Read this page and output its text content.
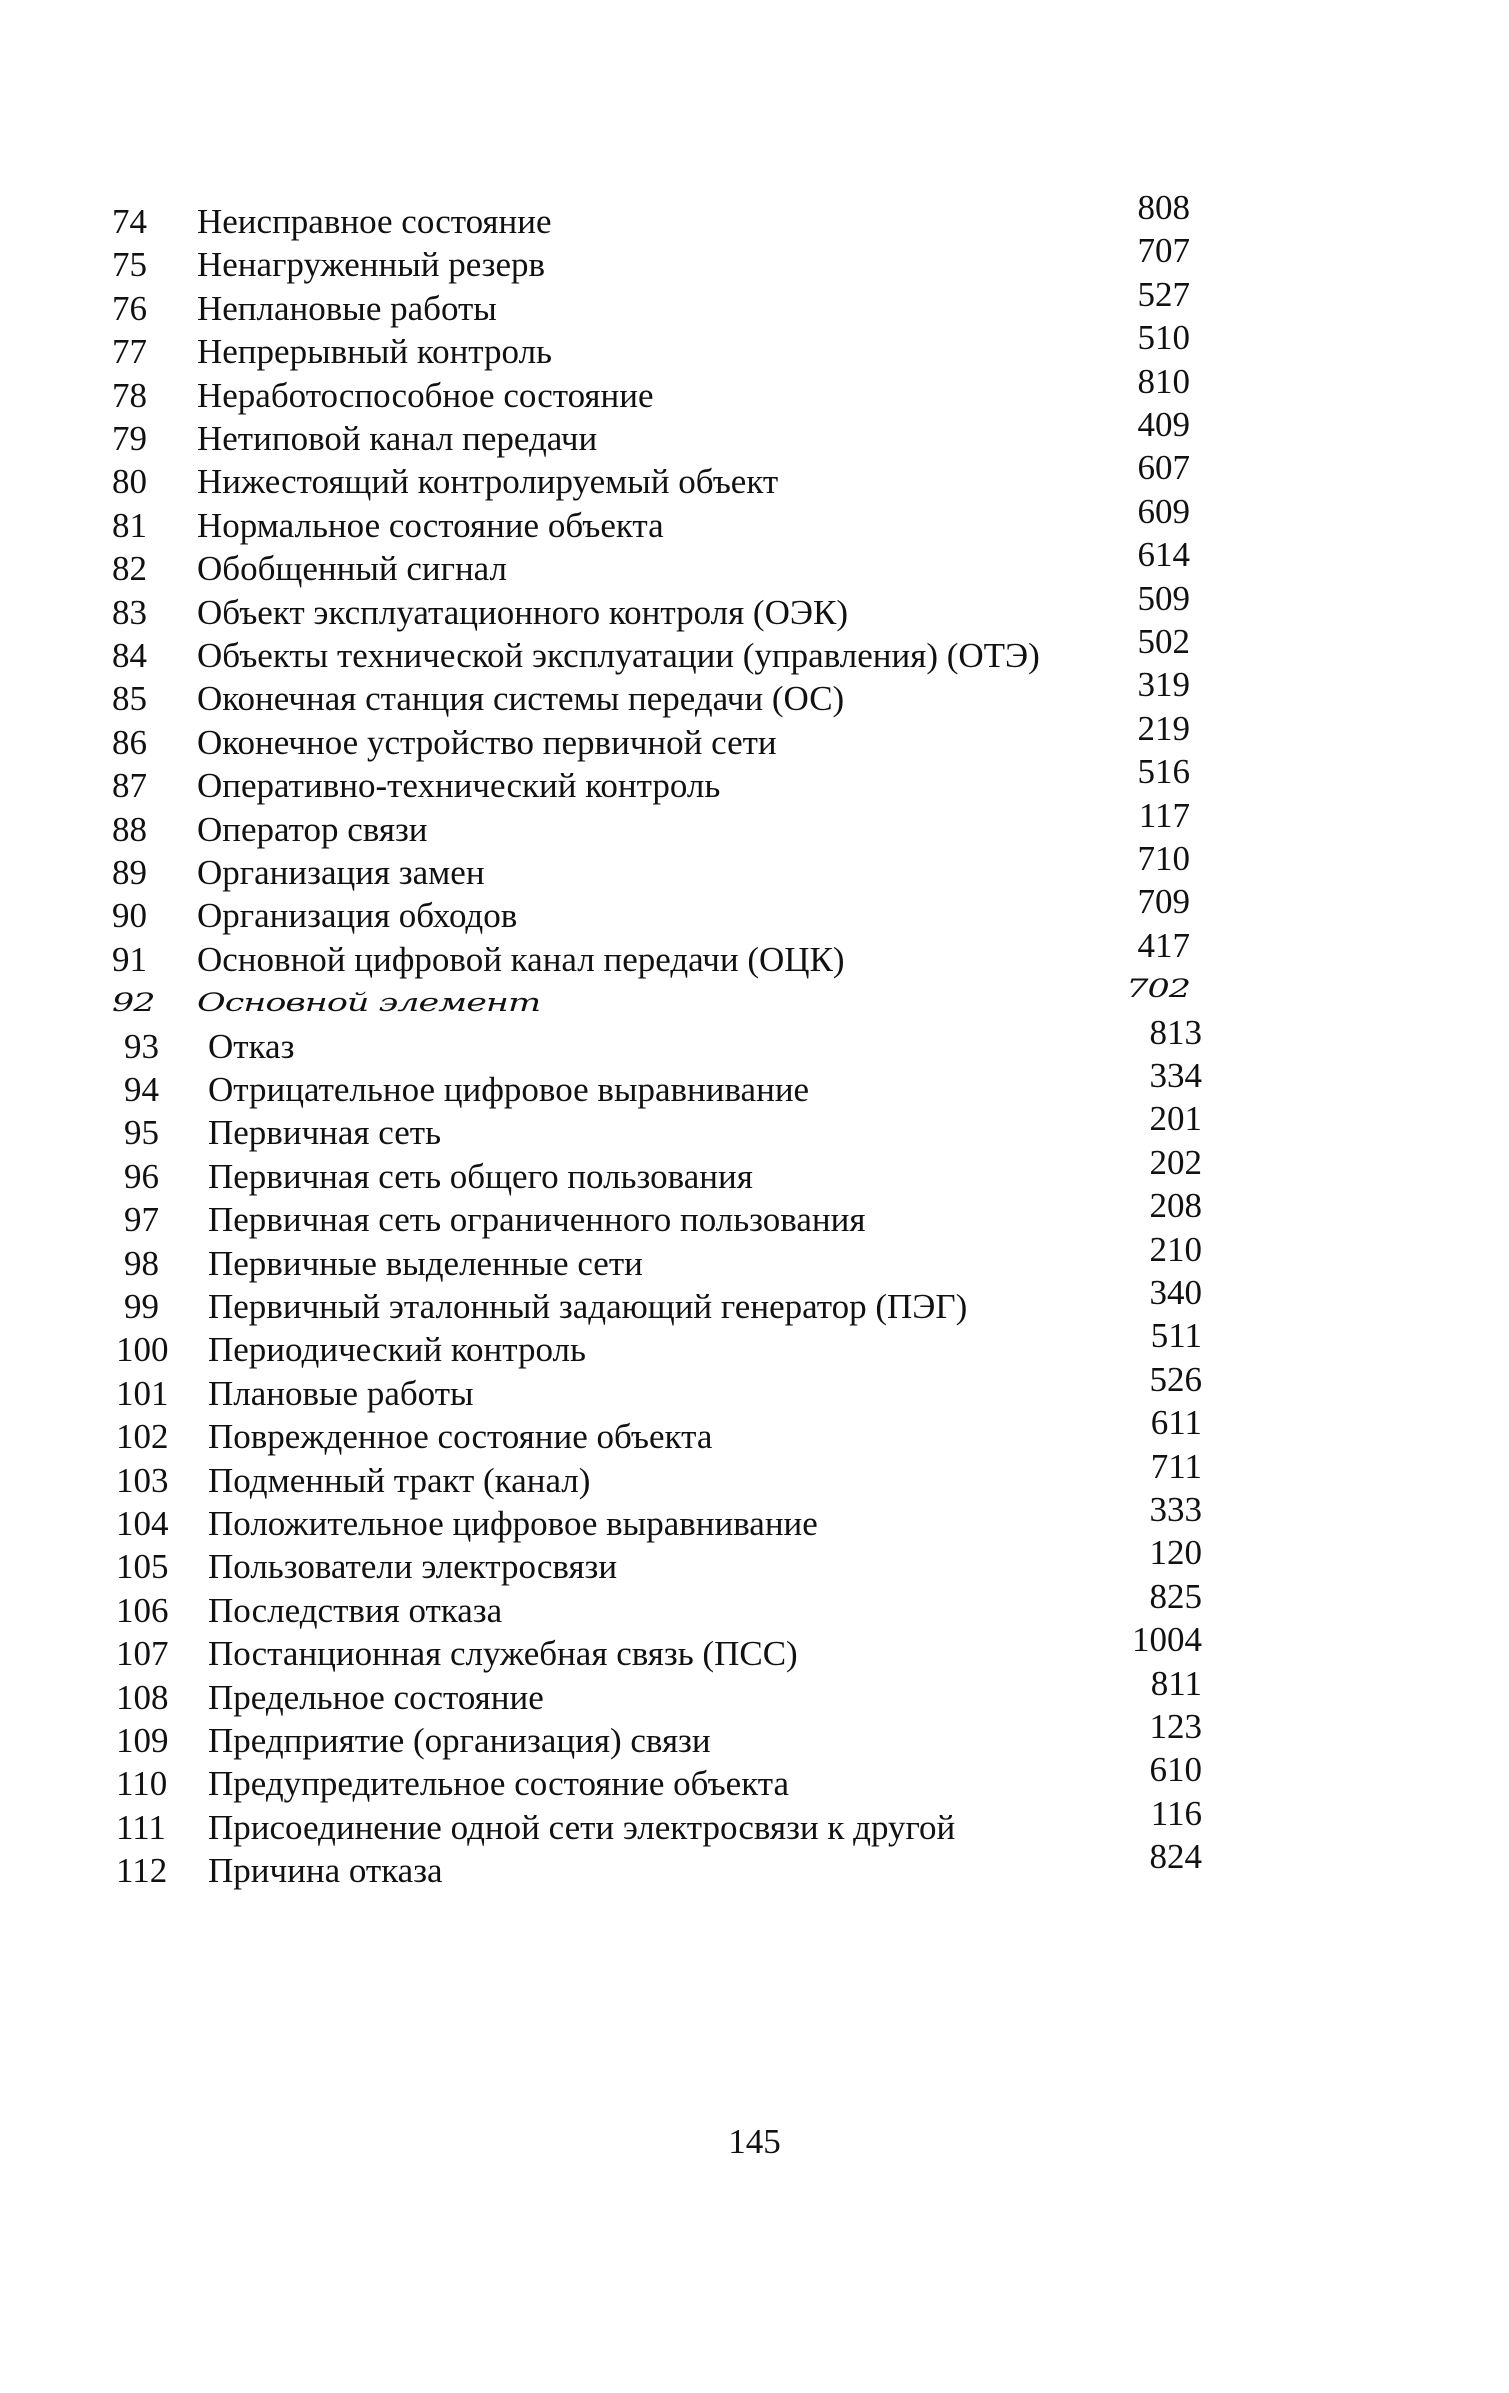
74 Неисправное состояние	808
75 Ненагруженный резерв	707
76 Неплановые работы	527
77 Непрерывный контроль	510
78 Неработоспособное состояние	810
79 Нетиповой канал передачи	409
80 Нижестоящий контролируемый объект	607
81 Нормальное состояние объекта	609
82 Обобщенный сигнал	614
83 Объект эксплуатационного контроля (ОЭК)	509
84 Объекты технической эксплуатации (управления) (ОТЭ)	502
85 Оконечная станция системы передачи (ОС)	319
86 Оконечное устройство первичной сети	219
87 Оперативно-технический контроль	516
88 Оператор связи	117
89 Организация замен	710
90 Организация обходов	709
91 Основной цифровой канал передачи (ОЦК)	417
92 Основной элемент	702
93 Отказ	813
94 Отрицательное цифровое выравнивание	334
95 Первичная сеть	201
96 Первичная сеть общего пользования	202
97 Первичная сеть ограниченного пользования	208
98 Первичные выделенные сети	210
99 Первичный эталонный задающий генератор (ПЭГ)	340
100 Периодический контроль	511
101 Плановые работы	526
102 Поврежденное состояние объекта	611
103 Подменный тракт (канал)	711
104 Положительное цифровое выравнивание	333
105 Пользователи электросвязи	120
106 Последствия отказа	825
107 Постанционная служебная связь (ПСС)	1004
108 Предельное состояние	811
109 Предприятие (организация) связи	123
110 Предупредительное состояние объекта	610
111 Присоединение одной сети электросвязи к другой	116
112 Причина отказа	824
145
